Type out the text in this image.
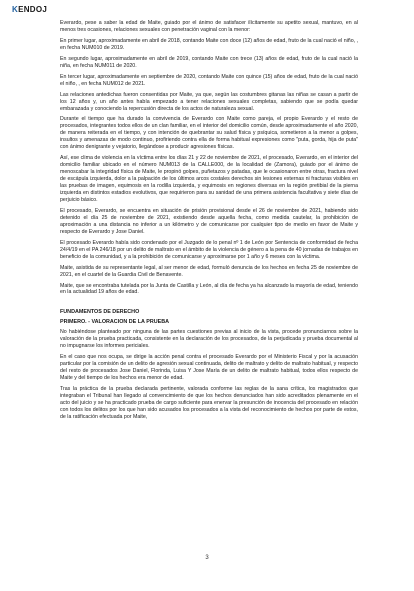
KENDOJ

Everardo, pese a saber la edad de Maite, guiado por el ánimo de satisfacer ilícitamente su apetito sexual, mantuvo, en al menos tres ocasiones, relaciones sexuales con penetración vaginal con la menor:

En primer lugar, aproximadamente en abril de 2018, contando Maite con doce (12) años de edad, fruto de la cual nació el niño, , en fecha NUM010 de 2019.

En segundo lugar, aproximadamente en abril de 2019, contando Maite con trece (13) años de edad, fruto de la cual nació la niña, en fecha NUM011 de 2020.

En tercer lugar, aproximadamente en septiembre de 2020, contando Maite con quince (15) años de edad, fruto de la cual nació el niño, , en fecha NUM012 de 2021.

Las relaciones antedichas fueron consentidas por Maite, ya que, según las costumbres gitanas las niñas se casan a partir de los 12 años y, un año antes había empezado a tener relaciones sexuales completas, sabiendo que se podía quedar embarazada y conociendo la repercusión directa de los actos de naturaleza sexual.

Durante el tiempo que ha durado la convivencia de Everardo con Maite como pareja, el propio Everardo y el resto de procesados, integrantes todos ellos de un clan familiar, en el interior del domicilio común, desde aproximadamente el año 2020, de manera reiterada en el tiempo, y con intención de quebrantar su salud física y psíquica, sometieron a la menor a golpes, insultos y amenazas de modo continuo, profiriendo contra ella de forma habitual expresiones como "puta, gorda, hija de puta" con ánimo denigrante y vejatorio, llegándose a producir agresiones físicas.

Así, ese clima de violencia en la víctima entre los días 21 y 22 de noviembre de 2021, el procesado, Everardo, en el interior del domicilio familiar ubicado en el número NUM013 de la CALLE000, de la localidad de (Zamora), guiado por el ánimo de menoscabar la integridad física de Maite, le propinó golpes, puñetazos y patadas, que le ocasionaron entre otras, fractura nivel de escápula izquierda, dolor a la palpación de los últimos arcos costales derechos sin lesiones externas ni fracturas visibles en las pruebas de imagen, equimosis en la rodilla izquierda, y equimosis en regiones diversas en la región pretibial de la pierna izquierda en distintos estadios evolutivos, que requirieron para su sanidad de una primera asistencia facultativa y siete días de perjuicio básico.

El procesado, Everardo, se encuentra en situación de prisión provisional desde el 26 de noviembre de 2021, habiendo sido detenido el día 25 de noviembre de 2021, existiendo desde aquella fecha, como medida cautelar, la prohibición de aproximación a una distancia no inferior a un kilómetro y de comunicarse por cualquier tipo de medio en favor de Maite y respecto de Everardo y Jose Daniel.

El procesado Everardo había sido condenado por el Juzgado de lo penal nº 1 de León por Sentencia de conformidad de fecha 24/4/19 en el PA 246/18 por un delito de maltrato en el ámbito de la violencia de género a la pena de 40 jornadas de trabajos en beneficio de la comunidad, y a la prohibición de comunicarse y aproximarse por 1 año y 6 meses con la víctima.

Maite, asistida de su representante legal, al ser menor de edad, formuló denuncia de los hechos en fecha 25 de noviembre de 2021, en el cuartel de la Guardia Civil de Benavente.

Maite, que se encontraba tutelada por la Junta de Castilla y León, al día de fecha ya ha alcanzado la mayoría de edad, teniendo en la actualidad 19 años de edad.

FUNDAMENTOS DE DERECHO
PRIMERO. - VALORACION DE LA PRUEBA

No habiéndose planteado por ninguna de las partes cuestiones previas al inicio de la vista, procede pronunciarnos sobre la valoración de la prueba practicada, consistente en la declaración de los procesados, de la perjudicada y prueba documental al no impugnarse los informes periciales.

En el caso que nos ocupa, se dirige la acción penal contra el procesado Everardo por el Ministerio Fiscal y por la acusación particular por la comisión de un delito de agresión sexual continuada, delito de maltrato y delito de maltrato habitual, y respecto del resto de procesados Jose Daniel, Florinda, Luisa Y Jose María de un delito de maltrato habitual, todos ellos respecto de Maite y del tiempo de los hechos era menor de edad.

Tras la práctica de la prueba declarada pertinente, valorada conforme las reglas de la sana crítica, los magistrados que integraban el Tribunal han llegado al convencimiento de que los hechos denunciados han sido acreditados plenamente en el acto del juicio y se ha practicado prueba de cargo suficiente para enervar la presunción de inocencia del procesado en relación con todos los delitos por los que han sido acusados los procesados a la vista del reconocimiento de hechos por parte de estos, de la ratificación efectuada por Maite,

3
